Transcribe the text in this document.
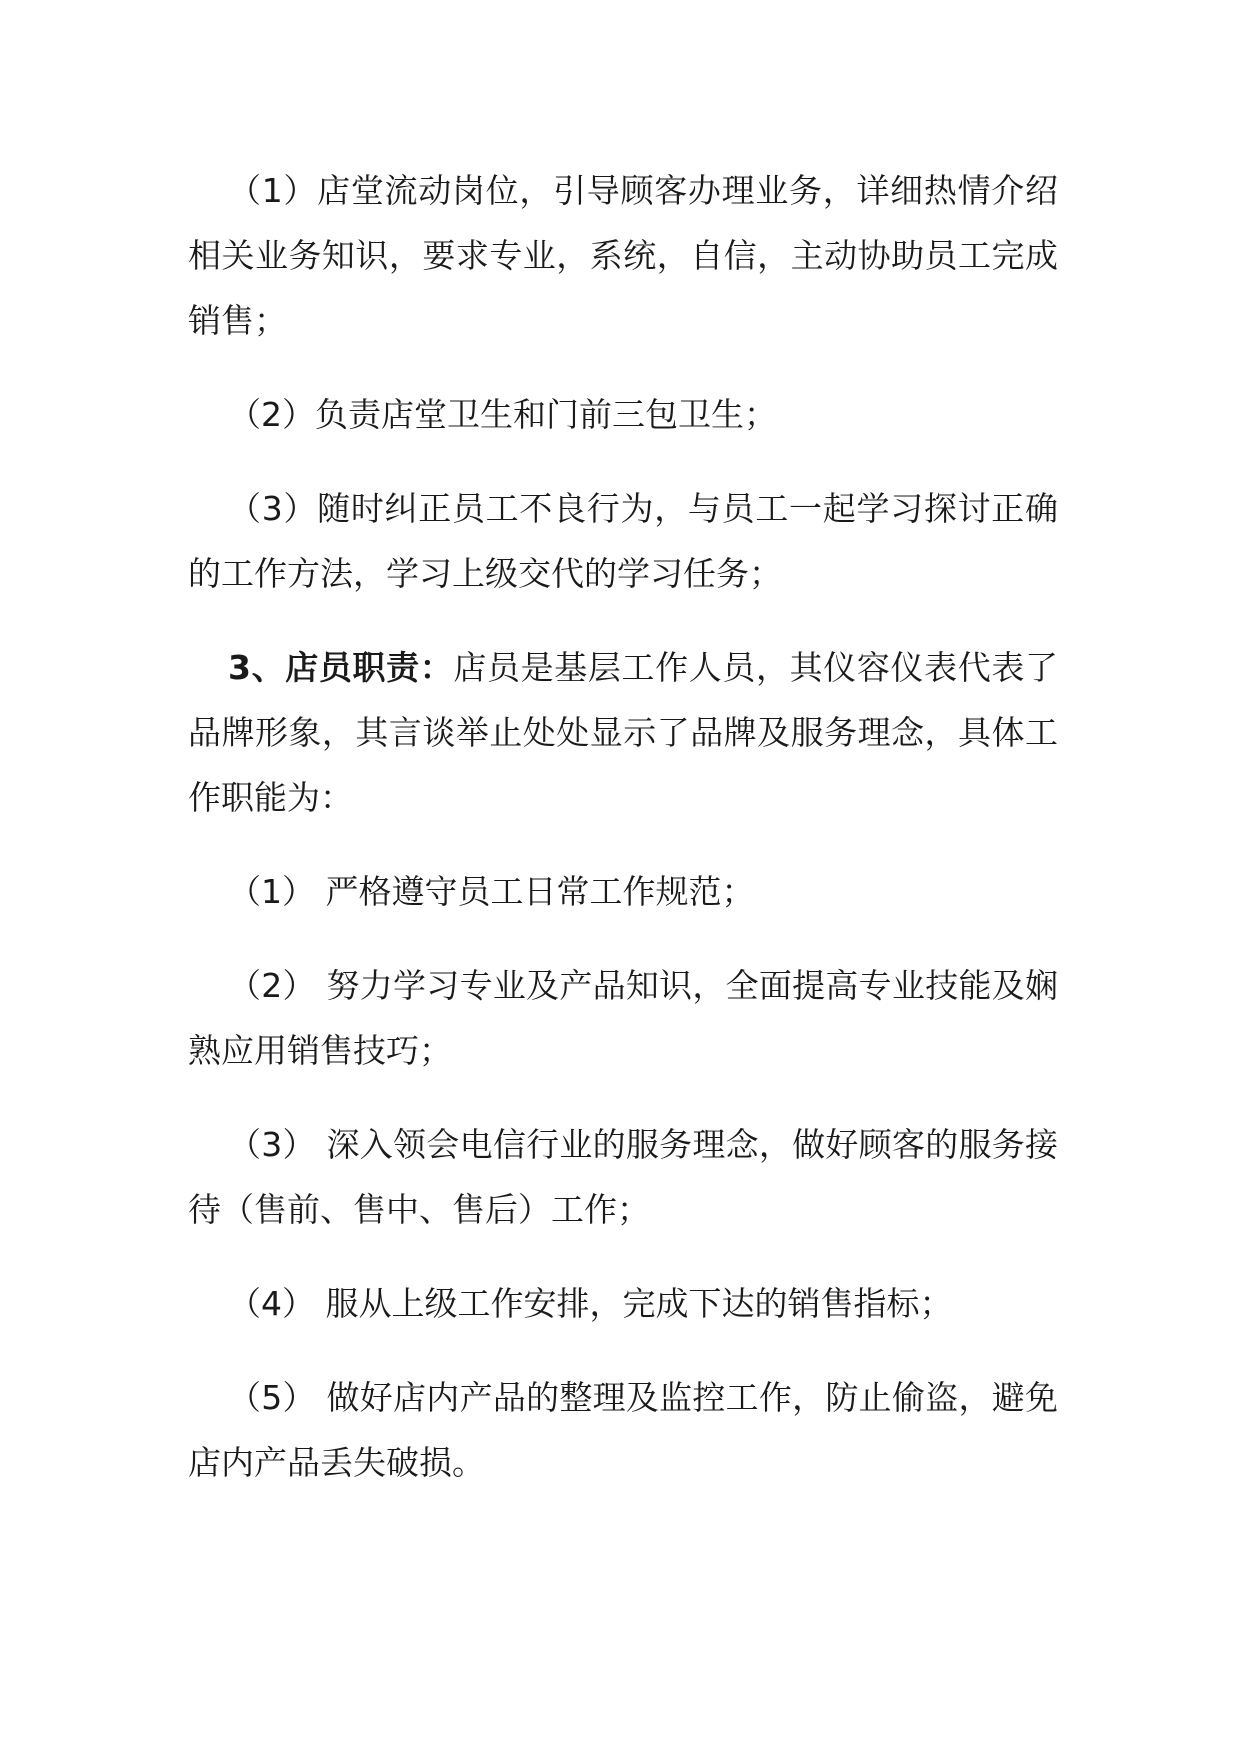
（1）店堂流动岗位，引导顾客办理业务，详细热情介绍相关业务知识，要求专业，系统，自信，主动协助员工完成销售；

（2）负责店堂卫生和门前三包卫生；

（3）随时纠正员工不良行为，与员工一起学习探讨正确的工作方法，学习上级交代的学习任务；

3、店员职责：店员是基层工作人员，其仪容仪表代表了品牌形象，其言谈举止处处显示了品牌及服务理念，具体工作职能为：

（1） 严格遵守员工日常工作规范；

（2） 努力学习专业及产品知识，全面提高专业技能及娴熟应用销售技巧；

（3） 深入领会电信行业的服务理念，做好顾客的服务接待（售前、售中、售后）工作；

（4） 服从上级工作安排，完成下达的销售指标；

（5） 做好店内产品的整理及监控工作，防止偷盗，避免店内产品丢失破损。
